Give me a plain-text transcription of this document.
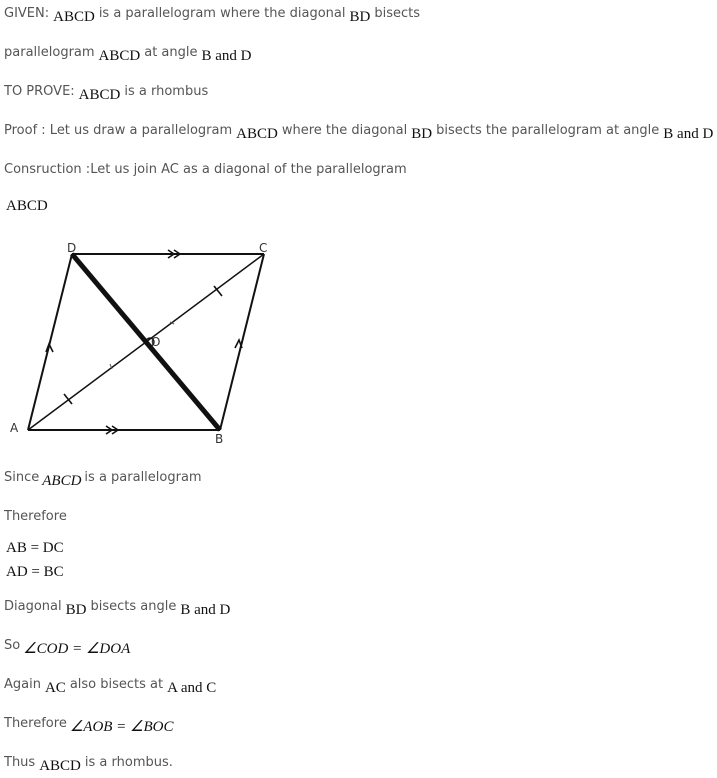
GIVEN: ABCD is a parallelogram where the diagonal BD bisects
parallelogram ABCD at angle B and D
TO PROVE: ABCD is a rhombus
Proof : Let us draw a parallelogram ABCD where the diagonal BD bisects the parallelogram at angle B and D
Consruction :Let us join AC as a diagonal of the parallelogram
ABCD
A
B
C
D
O
Since ABCD is a parallelogram
Therefore
AB = DC
AD = BC
Diagonal BD bisects angle B and D
So ∠COD = ∠DOA
Again AC also bisects at A and C
Therefore ∠AOB = ∠BOC
Thus ABCD is a rhombus.
